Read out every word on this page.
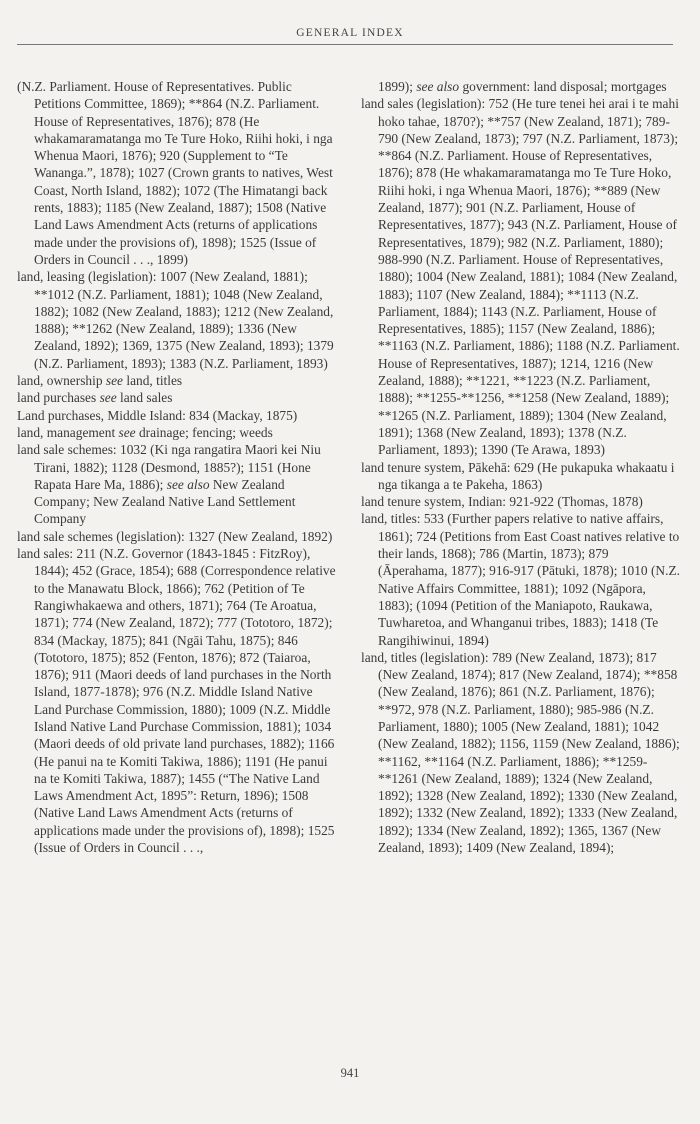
GENERAL INDEX
(N.Z. Parliament. House of Representatives. Public Petitions Committee, 1869); **864 (N.Z. Parliament. House of Representatives, 1876); 878 (He whakamaramatanga mo Te Ture Hoko, Riihi hoki, i nga Whenua Maori, 1876); 920 (Supplement to “Te Wananga.”, 1878); 1027 (Crown grants to natives, West Coast, North Island, 1882); 1072 (The Himatangi back rents, 1883); 1185 (New Zealand, 1887); 1508 (Native Land Laws Amendment Acts (returns of applications made under the provisions of), 1898); 1525 (Issue of Orders in Council . . ., 1899)
land, leasing (legislation): 1007 (New Zealand, 1881); **1012 (N.Z. Parliament, 1881); 1048 (New Zealand, 1882); 1082 (New Zealand, 1883); 1212 (New Zealand, 1888); **1262 (New Zealand, 1889); 1336 (New Zealand, 1892); 1369, 1375 (New Zealand, 1893); 1379 (N.Z. Parliament, 1893); 1383 (N.Z. Parliament, 1893)
land, ownership see land, titles
land purchases see land sales
Land purchases, Middle Island: 834 (Mackay, 1875)
land, management see drainage; fencing; weeds
land sale schemes: 1032 (Ki nga rangatira Maori kei Niu Tirani, 1882); 1128 (Desmond, 1885?); 1151 (Hone Rapata Hare Ma, 1886); see also New Zealand Company; New Zealand Native Land Settlement Company
land sale schemes (legislation): 1327 (New Zealand, 1892)
land sales: 211 (N.Z. Governor (1843-1845 : FitzRoy), 1844); 452 (Grace, 1854); 688 (Correspondence relative to the Manawatu Block, 1866); 762 (Petition of Te Rangiwhakaewa and others, 1871); 764 (Te Aroatua, 1871); 774 (New Zealand, 1872); 777 (Tototoro, 1872); 834 (Mackay, 1875); 841 (Ngāi Tahu, 1875); 846 (Tototoro, 1875); 852 (Fenton, 1876); 872 (Taiaroa, 1876); 911 (Maori deeds of land purchases in the North Island, 1877-1878); 976 (N.Z. Middle Island Native Land Purchase Commission, 1880); 1009 (N.Z. Middle Island Native Land Purchase Commission, 1881); 1034 (Maori deeds of old private land purchases, 1882); 1166 (He panui na te Komiti Takiwa, 1886); 1191 (He panui na te Komiti Takiwa, 1887); 1455 (“The Native Land Laws Amendment Act, 1895”: Return, 1896); 1508 (Native Land Laws Amendment Acts (returns of applications made under the provisions of), 1898); 1525 (Issue of Orders in Council . . .,
1899); see also government: land disposal; mortgages
land sales (legislation): 752 (He ture tenei hei arai i te mahi hoko tahae, 1870?); **757 (New Zealand, 1871); 789-790 (New Zealand, 1873); 797 (N.Z. Parliament, 1873); **864 (N.Z. Parliament. House of Representatives, 1876); 878 (He whakamaramatanga mo Te Ture Hoko, Riihi hoki, i nga Whenua Maori, 1876); **889 (New Zealand, 1877); 901 (N.Z. Parliament, House of Representatives, 1877); 943 (N.Z. Parliament, House of Representatives, 1879); 982 (N.Z. Parliament, 1880); 988-990 (N.Z. Parliament. House of Representatives, 1880); 1004 (New Zealand, 1881); 1084 (New Zealand, 1883); 1107 (New Zealand, 1884); **1113 (N.Z. Parliament, 1884); 1143 (N.Z. Parliament, House of Representatives, 1885); 1157 (New Zealand, 1886); **1163 (N.Z. Parliament, 1886); 1188 (N.Z. Parliament. House of Representatives, 1887); 1214, 1216 (New Zealand, 1888); **1221, **1223 (N.Z. Parliament, 1888); **1255-**1256, **1258 (New Zealand, 1889); **1265 (N.Z. Parliament, 1889); 1304 (New Zealand, 1891); 1368 (New Zealand, 1893); 1378 (N.Z. Parliament, 1893); 1390 (Te Arawa, 1893)
land tenure system, Pākehā: 629 (He pukapuka whakaatu i nga tikanga a te Pakeha, 1863)
land tenure system, Indian: 921-922 (Thomas, 1878)
land, titles: 533 (Further papers relative to native affairs, 1861); 724 (Petitions from East Coast natives relative to their lands, 1868); 786 (Martin, 1873); 879 (Āperahama, 1877); 916-917 (Pātuki, 1878); 1010 (N.Z. Native Affairs Committee, 1881); 1092 (Ngāpora, 1883); (1094 (Petition of the Maniapoto, Raukawa, Tuwharetoa, and Whanganui tribes, 1883); 1418 (Te Rangihiwinui, 1894)
land, titles (legislation): 789 (New Zealand, 1873); 817 (New Zealand, 1874); 817 (New Zealand, 1874); **858 (New Zealand, 1876); 861 (N.Z. Parliament, 1876); **972, 978 (N.Z. Parliament, 1880); 985-986 (N.Z. Parliament, 1880); 1005 (New Zealand, 1881); 1042 (New Zealand, 1882); 1156, 1159 (New Zealand, 1886); **1162, **1164 (N.Z. Parliament, 1886); **1259-**1261 (New Zealand, 1889); 1324 (New Zealand, 1892); 1328 (New Zealand, 1892); 1330 (New Zealand, 1892); 1332 (New Zealand, 1892); 1333 (New Zealand, 1892); 1334 (New Zealand, 1892); 1365, 1367 (New Zealand, 1893); 1409 (New Zealand, 1894);
941
